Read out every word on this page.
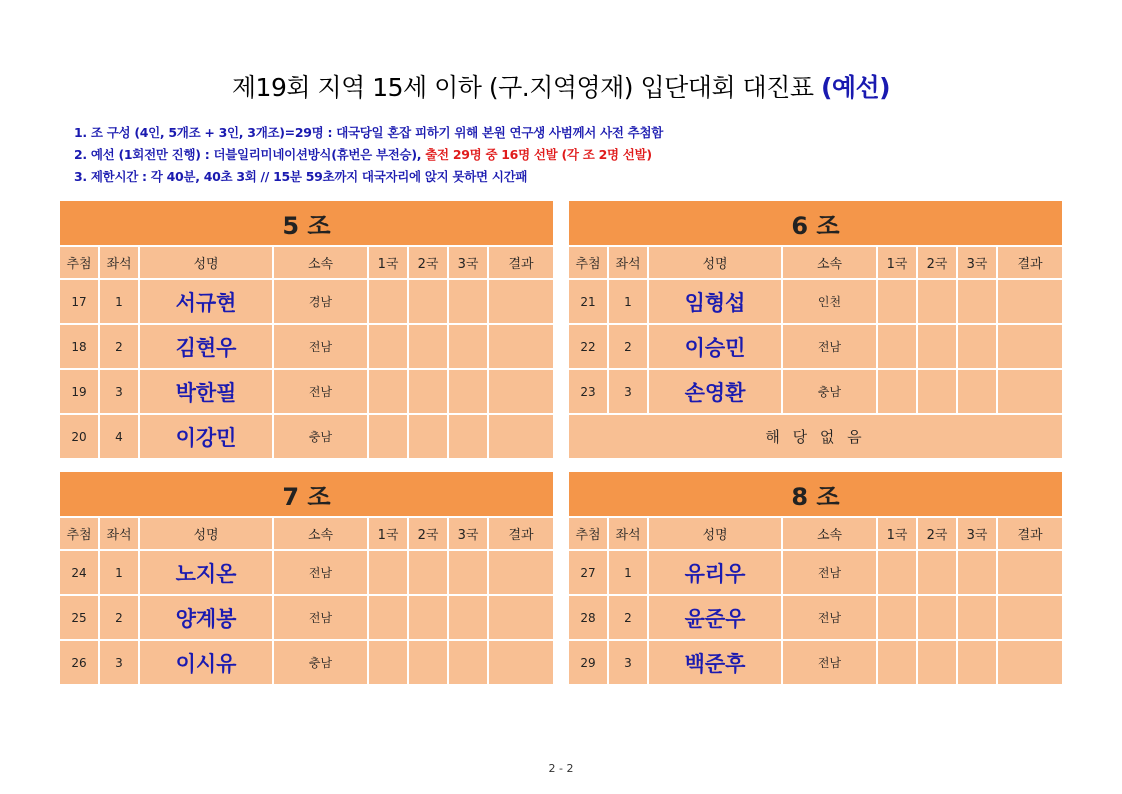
제19회 지역 15세 이하 (구.지역영재) 입단대회 대진표 (예선)
1. 조 구성 (4인, 5개조 + 3인, 3개조)=29명 : 대국당일 혼잡 피하기 위해 본원 연구생 사범께서 사전 추첨함
2. 예선 (1회전만 진행) : 더블일리미네이션방식(휴번은 부전승), 출전 29명 중 16명 선발 (각 조 2명 선발)
3. 제한시간 : 각 40분, 40초 3회 // 15분 59초까지 대국자리에 앉지 못하면 시간패
5 조							
추첨	좌석	성명	소속	1국	2국	3국	결과
17	1	서규현	경남				
18	2	김현우	전남				
19	3	박한필	전남				
20	4	이강민	충남				
6 조							
추첨	좌석	성명	소속	1국	2국	3국	결과
21	1	임형섭	인천				
22	2	이승민	전남				
23	3	손영환	충남				
해 당 없 음							
7 조							
추첨	좌석	성명	소속	1국	2국	3국	결과
24	1	노지온	전남				
25	2	양계봉	전남				
26	3	이시유	충남				
8 조							
추첨	좌석	성명	소속	1국	2국	3국	결과
27	1	유리우	전남				
28	2	윤준우	전남				
29	3	백준후	전남				
2 - 2
